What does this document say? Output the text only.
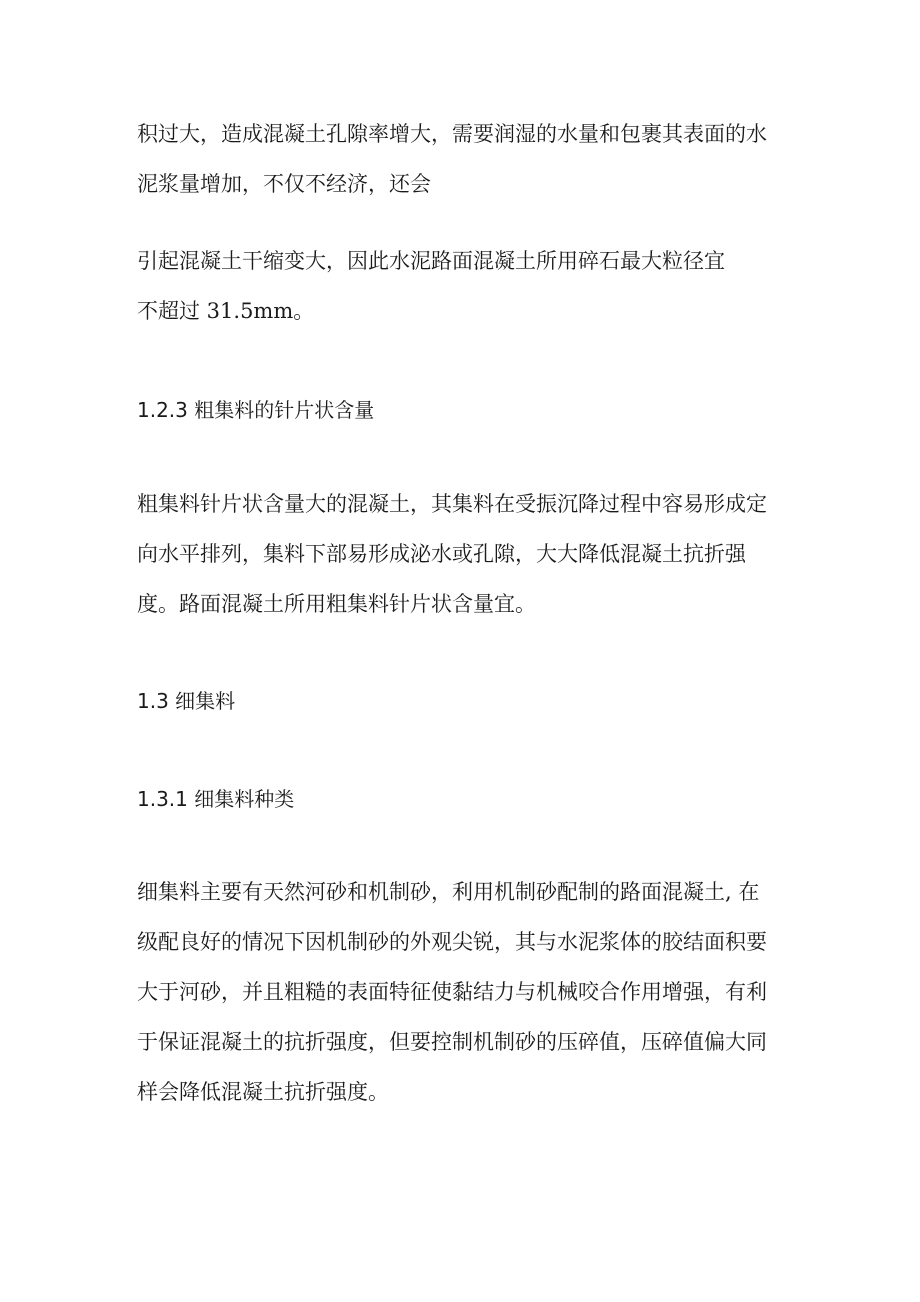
积过大，造成混凝土孔隙率增大，需要润湿的水量和包裹其表面的水

泥浆量增加，不仅不经济，还会

引起混凝土干缩变大，因此水泥路面混凝土所用碎石最大粒径宜

不超过 31.5mm。

1.2.3 粗集料的针片状含量

粗集料针片状含量大的混凝土，其集料在受振沉降过程中容易形成定

向水平排列，集料下部易形成泌水或孔隙，大大降低混凝土抗折强

度。路面混凝土所用粗集料针片状含量宜。

1.3 细集料

1.3.1 细集料种类

细集料主要有天然河砂和机制砂，利用机制砂配制的路面混凝土, 在

级配良好的情况下因机制砂的外观尖锐，其与水泥浆体的胶结面积要

大于河砂，并且粗糙的表面特征使黏结力与机械咬合作用增强，有利

于保证混凝土的抗折强度，但要控制机制砂的压碎值，压碎值偏大同

样会降低混凝土抗折强度。
